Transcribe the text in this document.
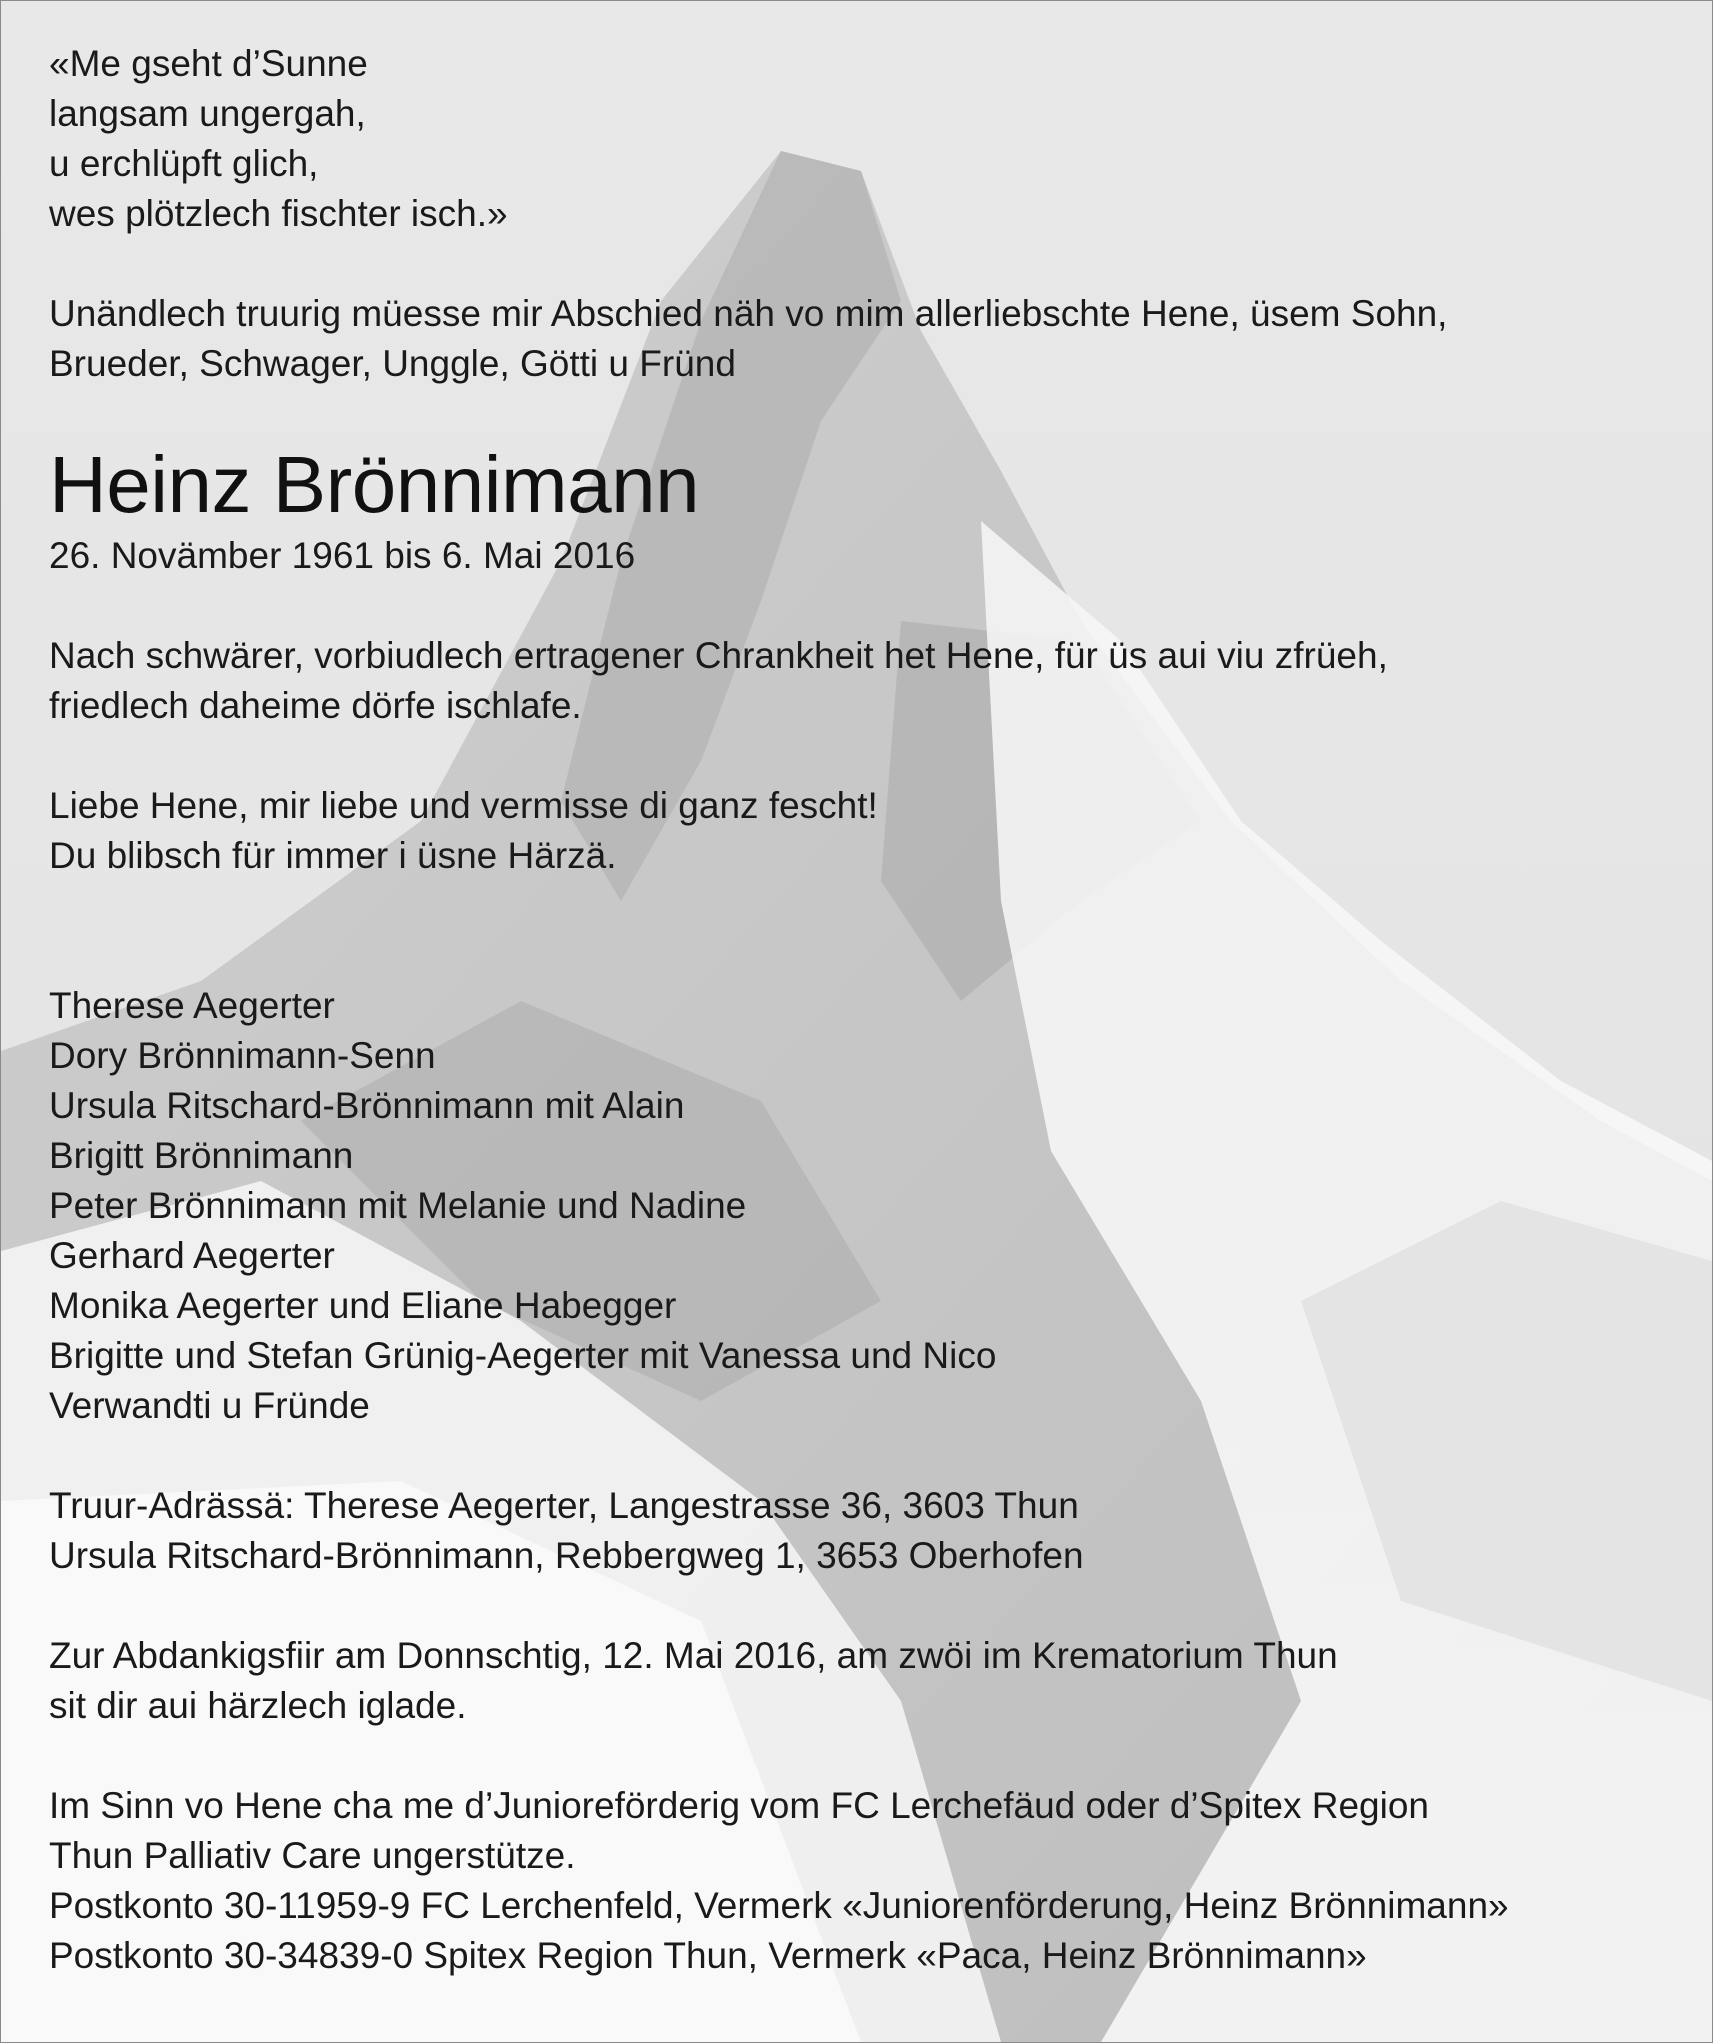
«Me gseht d’Sunne
langsam ungergah,
u erchlüpft glich,
wes plötzlech fischter isch.»
Unändlech truurig müesse mir Abschied näh vo mim allerliebschte Hene, üsem Sohn,
Brueder, Schwager, Unggle, Götti u Fründ
Heinz Brönnimann
26. Novämber 1961 bis 6. Mai 2016
Nach schwärer, vorbiudlech ertragener Chrankheit het Hene, für üs aui viu zfrüeh,
friedlech daheime dörfe ischlafe.
Liebe Hene, mir liebe und vermisse di ganz fescht!
Du blibsch für immer i üsne Härzä.
Therese Aegerter
Dory Brönnimann-Senn
Ursula Ritschard-Brönnimann mit Alain
Brigitt Brönnimann
Peter Brönnimann mit Melanie und Nadine
Gerhard Aegerter
Monika Aegerter und Eliane Habegger
Brigitte und Stefan Grünig-Aegerter mit Vanessa und Nico
Verwandti u Fründe
Truur-Adrässä: Therese Aegerter, Langestrasse 36, 3603 Thun
Ursula Ritschard-Brönnimann, Rebbergweg 1, 3653 Oberhofen
Zur Abdankigsfiir am Donnschtig, 12. Mai 2016, am zwöi im Krematorium Thun
sit dir aui härzlech iglade.
Im Sinn vo Hene cha me d’Junioreförderig vom FC Lerchefäud oder d’Spitex Region
Thun Palliativ Care ungerstütze.
Postkonto 30-11959-9 FC Lerchenfeld, Vermerk «Juniorenförderung, Heinz Brönnimann»
Postkonto 30-34839-0 Spitex Region Thun, Vermerk «Paca, Heinz Brönnimann»
